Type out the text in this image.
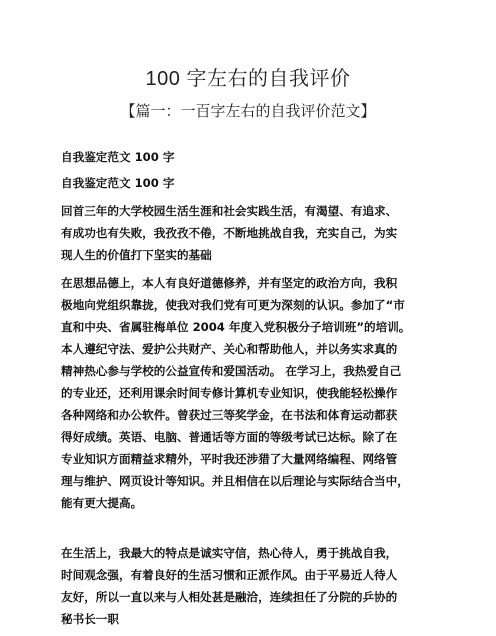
100 字左右的自我评价
【篇一：一百字左右的自我评价范文】
自我鉴定范文 100 字
自我鉴定范文 100 字
回首三年的大学校园生活生涯和社会实践生活，有渴望、有追求、
有成功也有失败，我孜孜不倦，不断地挑战自我，充实自己，为实
现人生的价值打下坚实的基础
在思想品德上，本人有良好道德修养，并有坚定的政治方向，我积
极地向党组织靠拢，使我对我们党有可更为深刻的认识。参加了“市
直和中央、省属驻梅单位 2004 年度入党积极分子培训班”的培训。
本人遵纪守法、爱护公共财产、关心和帮助他人，并以务实求真的
精神热心参与学校的公益宣传和爱国活动。 在学习上，我热爱自己
的专业还，还利用课余时间专修计算机专业知识，使我能轻松操作
各种网络和办公软件。曾获过三等奖学金，在书法和体育运动都获
得好成绩。英语、电脑、普通话等方面的等级考试已达标。除了在
专业知识方面精益求精外，平时我还涉猎了大量网络编程、网络管
理与维护、网页设计等知识。并且相信在以后理论与实际结合当中，
能有更大提高。
在生活上，我最大的特点是诚实守信，热心待人，勇于挑战自我，
时间观念强，有着良好的生活习惯和正派作风。由于平易近人待人
友好，所以一直以来与人相处甚是融洽，连续担任了分院的乒协的
秘书长一职
